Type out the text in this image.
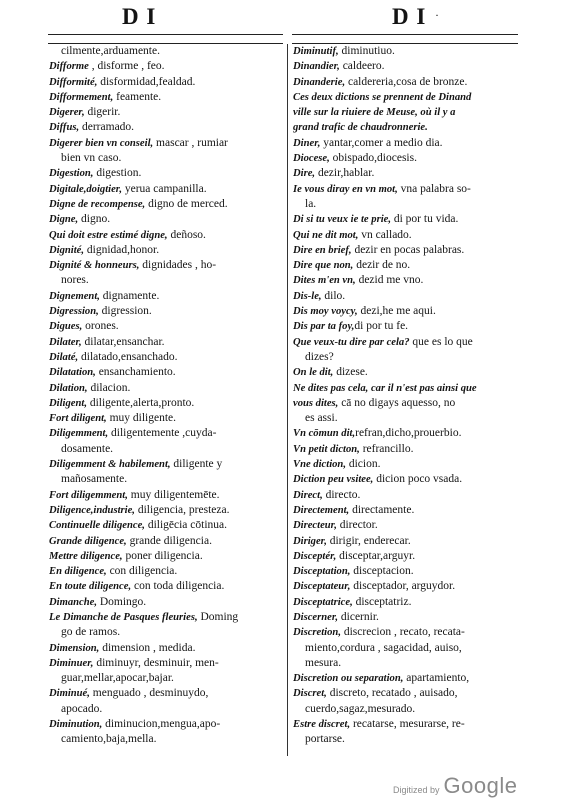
D I	D I ·
cilmente,arduamente.
Difforme , disforme , feo.
Difformité, disformidad,fealdad.
Difformement, feamente.
Digerer, digerir.
Diffus, derramado.
Digerer bien vn conseil, mascar , rumiar
bien vn caso.
Digestion, digestion.
Digitale,doigtier, yerua campanilla.
Digne de recompense, digno de merced.
Digne, digno.
Qui doit estre estimé digne, deñoso.
Dignité, dignidad,honor.
Dignité & honneurs, dignidades , ho-
nores.
Dignement, dignamente.
Digression, digression.
Digues, orones.
Dilater, dilatar,ensanchar.
Dilaté, dilatado,ensanchado.
Dilatation, ensanchamiento.
Dilation, dilacion.
Diligent, diligente,alerta,pronto.
Fort diligent, muy diligente.
Diligemment, diligentemente ,cuyda-
dosamente.
Diligemment & habilement, diligente y
mañosamente.
Fort diligemment, muy diligentemēte.
Diligence,industrie, diligencia, presteza.
Continuelle diligence, diligēcia cōtinua.
Grande diligence, grande diligencia.
Mettre diligence, poner diligencia.
En diligence, con diligencia.
En toute diligence, con toda diligencia.
Dimanche, Domingo.
Le Dimanche de Pasques fleuries, Doming
go de ramos.
Dimension, dimension , medida.
Diminuer, diminuyr, desminuir, men-
guar,mellar,apocar,bajar.
Diminué, menguado , desminuydo,
apocado.
Diminution, diminucion,mengua,apo-
camiento,baja,mella.
Diminutif, diminutiuo.
Dinandier, caldeero.
Dinanderie, caldereria,cosa de bronze.
Ces deux dictions se prennent de Dinand
ville sur la riuiere de Meuse, où il y a
grand trafic de chaudronnerie.
Diner, yantar,comer a medio dia.
Diocese, obispado,diocesis.
Dire, dezir,hablar.
Ie vous diray en vn mot, vna palabra so-
la.
Di si tu veux ie te prie, di por tu vida.
Qui ne dit mot, vn callado.
Dire en brief, dezir en pocas palabras.
Dire que non, dezir de no.
Dites m'en vn, dezid me vno.
Dis-le, dilo.
Dis moy voycy, dezi,he me aqui.
Dis par ta foy,di por tu fe.
Que veux-tu dire par cela? que es lo que
dizes?
On le dit, dizese.
Ne dites pas cela, car il n'est pas ainsi que
vous dites, cā no digays aquesso, no
es assi.
Vn cōmun dit,refran,dicho,prouerbio.
Vn petit dicton, refrancillo.
Vne diction, dicion.
Diction peu vsitee, dicion poco vsada.
Direct, directo.
Directement, directamente.
Directeur, director.
Diriger, dirigir, enderecar.
Disceptér, disceptar,arguyr.
Disceptation, disceptacion.
Disceptateur, disceptador, arguydor.
Disceptatrice, disceptatriz.
Discerner, dicernir.
Discretion, discrecion , recato, recata-
miento,cordura , sagacidad, auiso,
mesura.
Discretion ou separation, apartamiento,
Discret, discreto, recatado , auisado,
cuerdo,sagaz,mesurado.
Estre discret, recatarse, mesurarse, re-
portarse.
Digitized by Google
